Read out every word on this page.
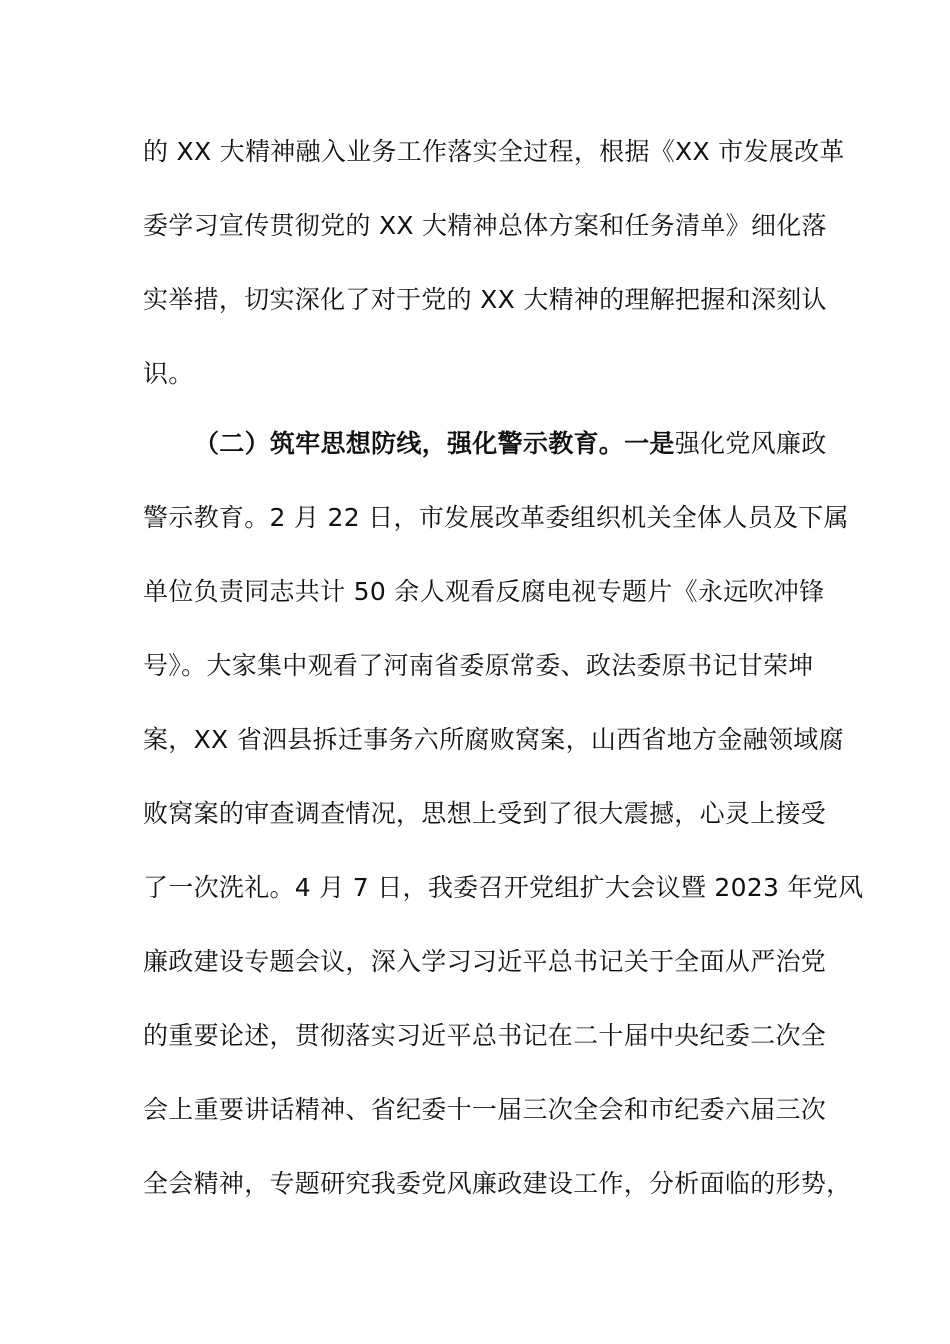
的 XX 大精神融入业务工作落实全过程，根据《XX 市发展改革
委学习宣传贯彻党的 XX 大精神总体方案和任务清单》细化落
实举措，切实深化了对于党的 XX 大精神的理解把握和深刻认
识。
（二）筑牢思想防线，强化警示教育。一是强化党风廉政
警示教育。2 月 22 日，市发展改革委组织机关全体人员及下属
单位负责同志共计 50 余人观看反腐电视专题片《永远吹冲锋
号》。大家集中观看了河南省委原常委、政法委原书记甘荣坤
案，XX 省泗县拆迁事务六所腐败窝案，山西省地方金融领域腐
败窝案的审查调查情况，思想上受到了很大震撼，心灵上接受
了一次洗礼。4 月 7 日，我委召开党组扩大会议暨 2023 年党风
廉政建设专题会议，深入学习习近平总书记关于全面从严治党
的重要论述，贯彻落实习近平总书记在二十届中央纪委二次全
会上重要讲话精神、省纪委十一届三次全会和市纪委六届三次
全会精神，专题研究我委党风廉政建设工作，分析面临的形势，
